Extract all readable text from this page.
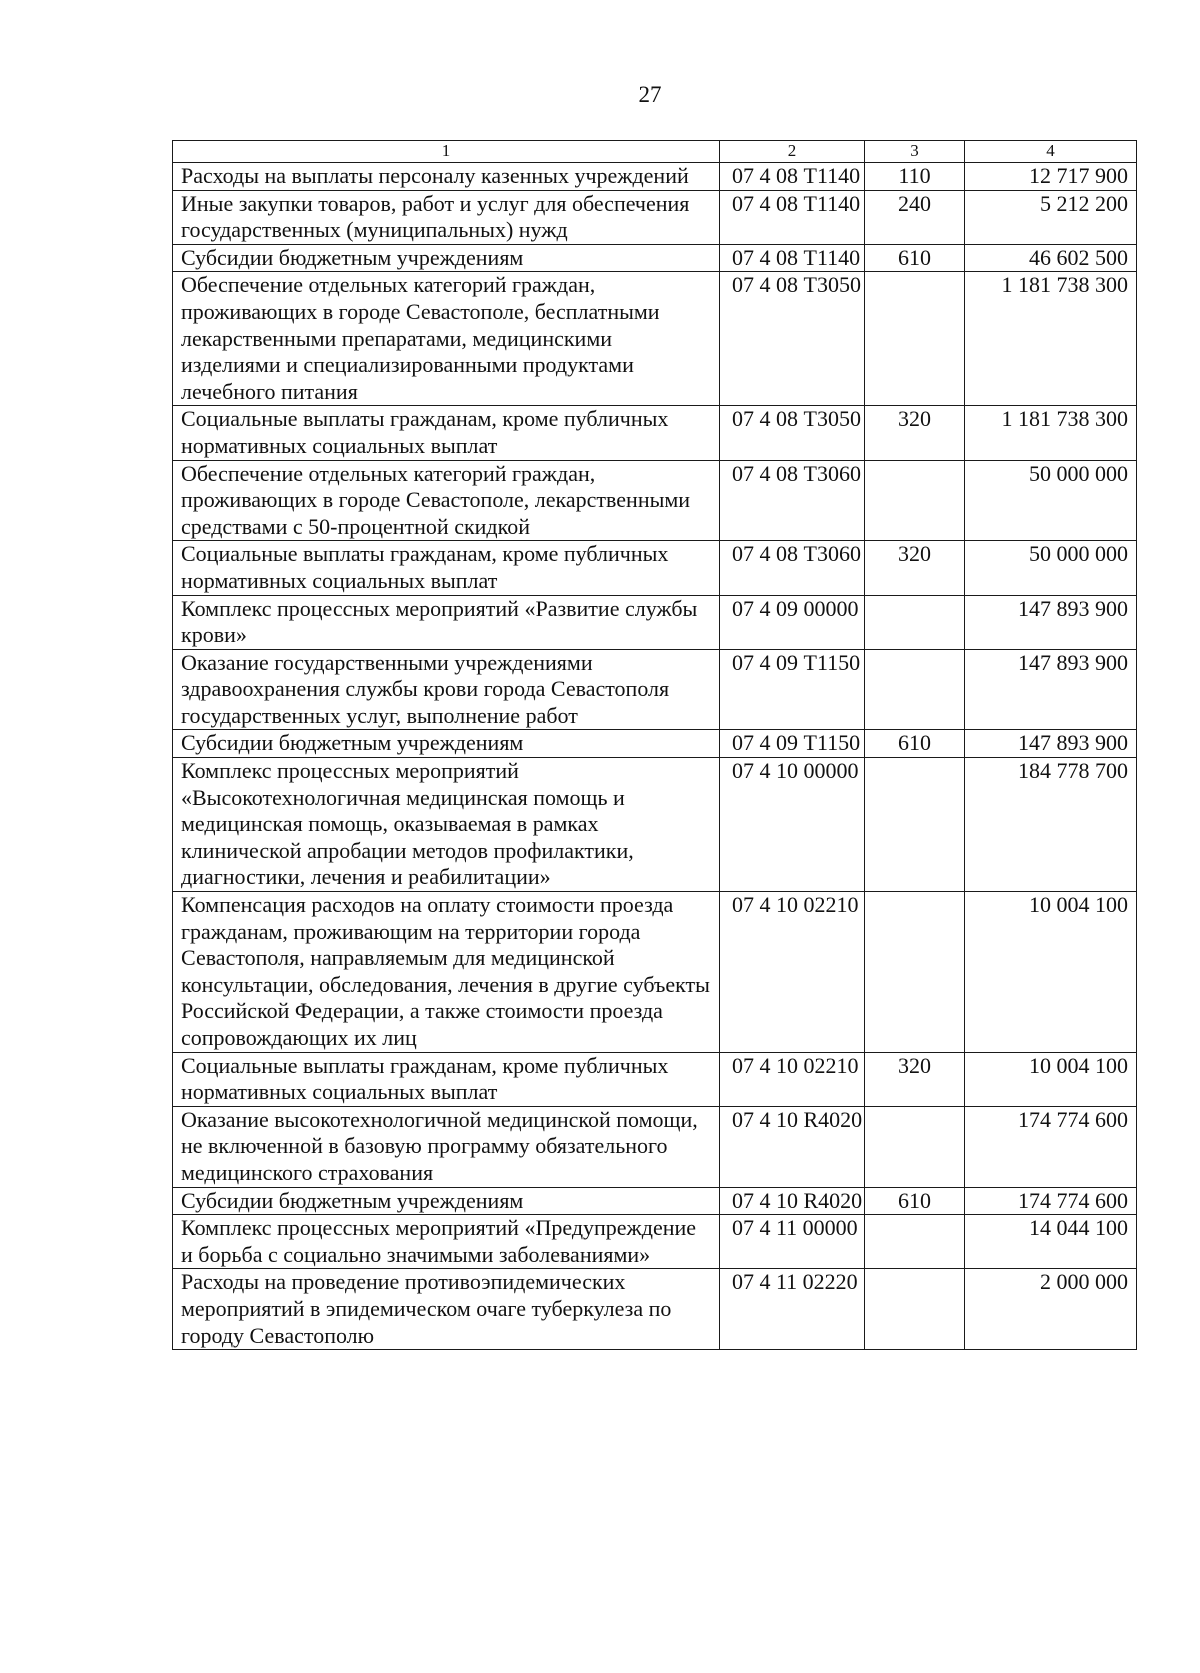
27
1	2	3	4
Расходы на выплаты персоналу казенных учреждений	07 4 08 Т1140	110	12 717 900
Иные закупки товаров, работ и услуг для обеспечения государственных (муниципальных) нужд	07 4 08 Т1140	240	5 212 200
Субсидии бюджетным учреждениям	07 4 08 Т1140	610	46 602 500
Обеспечение отдельных категорий граждан, проживающих в городе Севастополе, бесплатными лекарственными препаратами, медицинскими изделиями и специализированными продуктами лечебного питания	07 4 08 Т3050		1 181 738 300
Социальные выплаты гражданам, кроме публичных нормативных социальных выплат	07 4 08 Т3050	320	1 181 738 300
Обеспечение отдельных категорий граждан, проживающих в городе Севастополе, лекарственными средствами с 50-процентной скидкой	07 4 08 Т3060		50 000 000
Социальные выплаты гражданам, кроме публичных нормативных социальных выплат	07 4 08 Т3060	320	50 000 000
Комплекс процессных мероприятий «Развитие службы крови»	07 4 09 00000		147 893 900
Оказание государственными учреждениями здравоохранения службы крови города Севастополя государственных услуг, выполнение работ	07 4 09 Т1150		147 893 900
Субсидии бюджетным учреждениям	07 4 09 Т1150	610	147 893 900
Комплекс процессных мероприятий «Высокотехнологичная медицинская помощь и медицинская помощь, оказываемая в рамках клинической апробации методов профилактики, диагностики, лечения и реабилитации»	07 4 10 00000		184 778 700
Компенсация расходов на оплату стоимости проезда гражданам, проживающим на территории города Севастополя, направляемым для медицинской консультации, обследования, лечения в другие субъекты Российской Федерации, а также стоимости проезда сопровождающих их лиц	07 4 10 02210		10 004 100
Социальные выплаты гражданам, кроме публичных нормативных социальных выплат	07 4 10 02210	320	10 004 100
Оказание высокотехнологичной медицинской помощи, не включенной в базовую программу обязательного медицинского страхования	07 4 10 R4020		174 774 600
Субсидии бюджетным учреждениям	07 4 10 R4020	610	174 774 600
Комплекс процессных мероприятий «Предупреждение и борьба с социально значимыми заболеваниями»	07 4 11 00000		14 044 100
Расходы на проведение противоэпидемических мероприятий в эпидемическом очаге туберкулеза по городу Севастополю	07 4 11 02220		2 000 000
